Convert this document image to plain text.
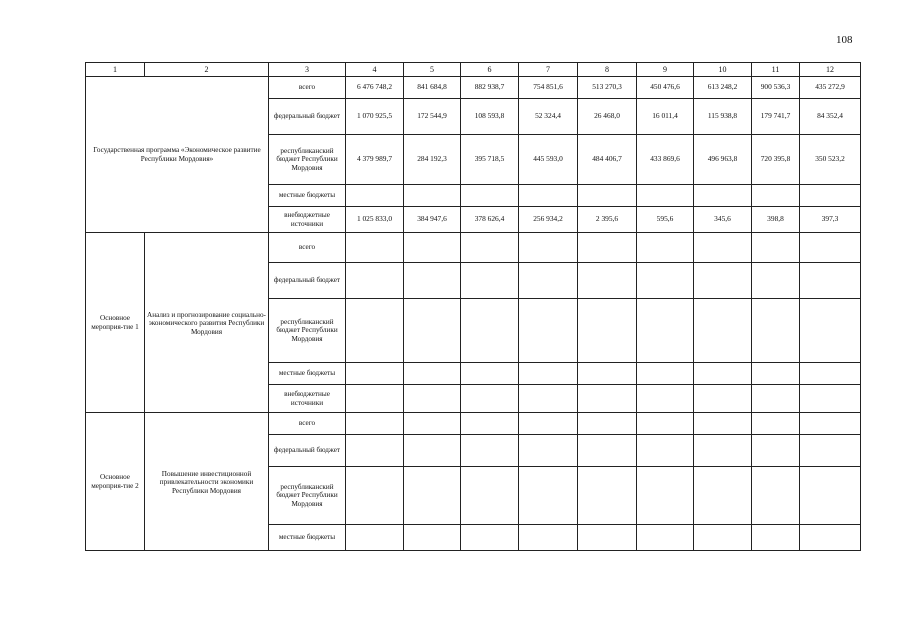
108
1	2	3	4	5	6	7	8	9	10	11	12
Государственная программа «Экономическое развитие Республики Мордовия»		всего	6 476 748,2	841 684,8	882 938,7	754 851,6	513 270,3	450 476,6	613 248,2	900 536,3	435 272,9
		федеральный бюджет	1 070 925,5	172 544,9	108 593,8	52 324,4	26 468,0	16 011,4	115 938,8	179 741,7	84 352,4
		республиканский бюджет Республики Мордовия	4 379 989,7	284 192,3	395 718,5	445 593,0	484 406,7	433 869,6	496 963,8	720 395,8	350 523,2
		местные бюджеты									
		внебюджетные источники	1 025 833,0	384 947,6	378 626,4	256 934,2	2 395,6	595,6	345,6	398,8	397,3
Основное мероприя-тие 1	Анализ и прогнозирование социально-экономического развития Республики Мордовия	всего									
		федеральный бюджет									
		республиканский бюджет Республики Мордовия									
		местные бюджеты									
		внебюджетные источники									
Основное мероприя-тие 2	Повышение инвестиционной привлекательности экономики Республики Мордовия	всего									
		федеральный бюджет									
		республиканский бюджет Республики Мордовия									
		местные бюджеты									
